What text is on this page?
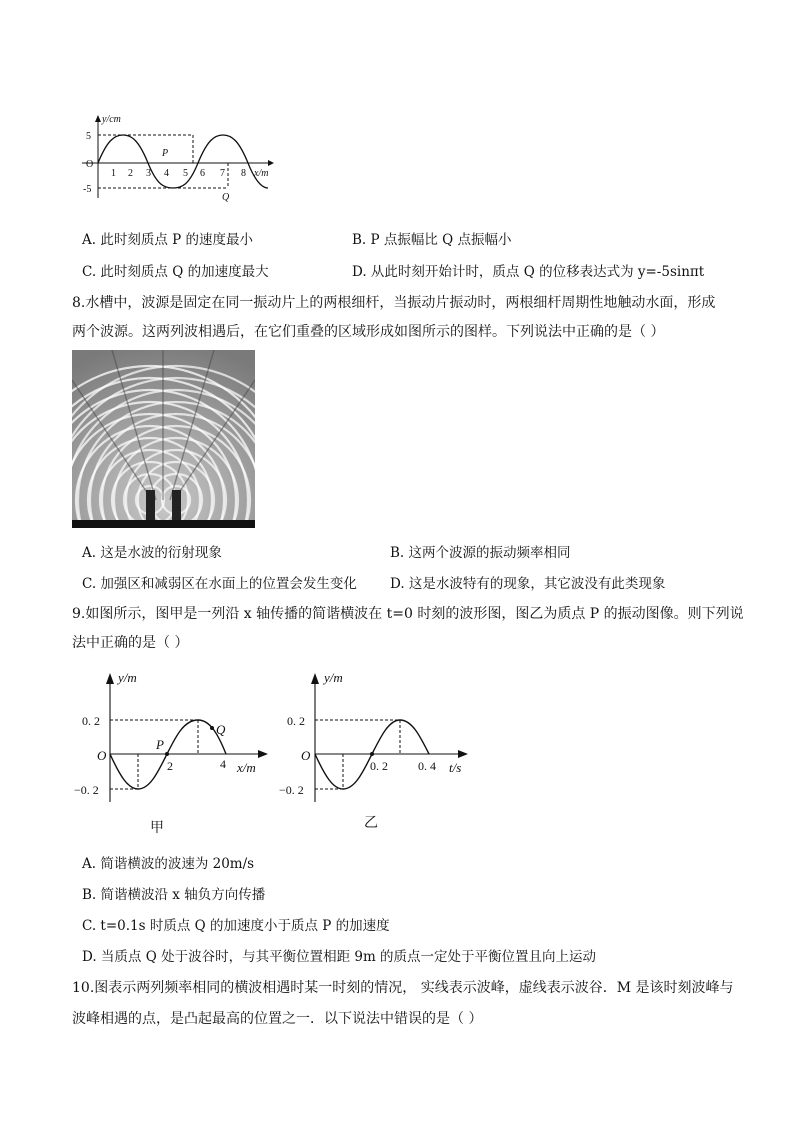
y/cm
5
O
-5
1 2 3 4 5 6 7 8 x/m
P
Q
A. 此时刻质点 P 的速度最小	B. P 点振幅比 Q 点振幅小
C. 此时刻质点 Q 的加速度最大	D. 从此时刻开始计时，质点 Q 的位移表达式为 y=-5sinπt
8.水槽中，波源是固定在同一振动片上的两根细杆，当振动片振动时，两根细杆周期性地触动水面，形成
两个波源。这两列波相遇后，在它们重叠的区域形成如图所示的图样。下列说法中正确的是（ ）
A. 这是水波的衍射现象	B. 这两个波源的振动频率相同
C. 加强区和减弱区在水面上的位置会发生变化 D. 这是水波特有的现象，其它波没有此类现象
9.如图所示，图甲是一列沿 x 轴传播的简谐横波在 t=0 时刻的波形图，图乙为质点 P 的振动图像。则下列说
法中正确的是（ ）
y/m
O
0. 2
−0. 2
P
2	4 x/m
Q
甲
y/m
O
0. 2
−0. 2
0. 2	0. 4 t/s
乙
A. 简谐横波的波速为 20m/s
B. 简谐横波沿 x 轴负方向传播
C. t=0.1s 时质点 Q 的加速度小于质点 P 的加速度
D. 当质点 Q 处于波谷时，与其平衡位置相距 9m 的质点一定处于平衡位置且向上运动
10.图表示两列频率相同的横波相遇时某一时刻的情况， 实线表示波峰，虚线表示波谷．M 是该时刻波峰与
波峰相遇的点，是凸起最高的位置之一．以下说法中错误的是（ ）
